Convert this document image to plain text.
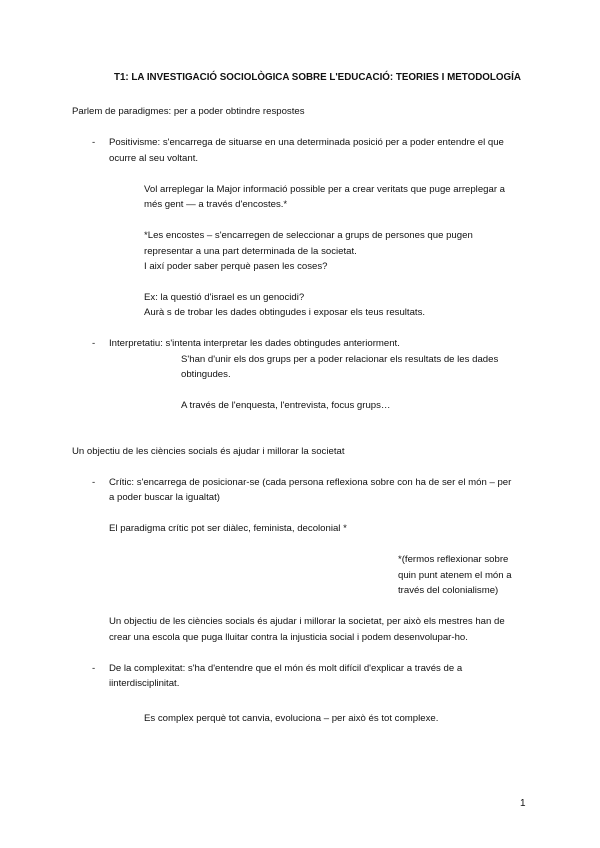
T1: LA INVESTIGACIÓ SOCIOLÒGICA SOBRE L'EDUCACIÓ: TEORIES I METODOLOGÍA
Parlem de paradigmes: per a poder obtindre respostes
- Positivisme: s'encarrega de situarse en una determinada posició per a poder entendre el que
ocurre al seu voltant.
Vol arreplegar la Major informació possible per a crear veritats que puge arreplegar a
més gent — a través d'encostes.*
*Les encostes – s'encarregen de seleccionar a grups de persones que pugen
representar a una part determinada de la societat.
I així poder saber perquè pasen les coses?
Ex: la questió d'israel es un genocidi?
Aurà s de trobar les dades obtingudes i exposar els teus resultats.
- Interpretatiu: s'intenta interpretar les dades obtingudes anteriorment.
S'han d'unir els dos grups per a poder relacionar els resultats de les dades
obtingudes.
A través de l'enquesta, l'entrevista, focus grups…
Un objectiu de les ciències socials és ajudar i millorar la societat
- Crític: s'encarrega de posicionar-se (cada persona reflexiona sobre con ha de ser el món – per
a poder buscar la igualtat)
El paradigma crític pot ser diàlec, feminista, decolonial *
*(fermos reflexionar sobre
quin punt atenem el món a
través del colonialisme)
Un objectiu de les ciències socials és ajudar i millorar la societat, per això els mestres han de
crear una escola que puga lluitar contra la injusticia social i podem desenvolupar-ho.
- De la complexitat: s'ha d'entendre que el món és molt difícil d'explicar a través de a
iinterdisciplinitat.
Es complex perquè tot canvia, evoluciona – per això és tot complexe.
1
